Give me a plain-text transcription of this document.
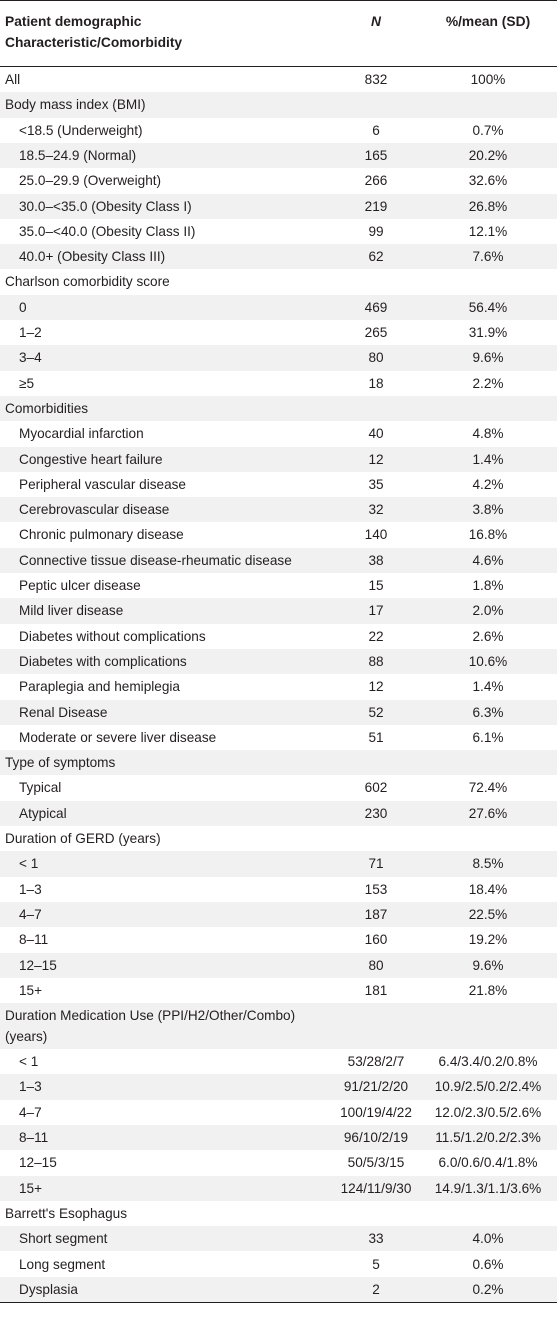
Patient demographic
Characteristic/Comorbidity
N	%/mean (SD)
All	832	100%
Body mass index (BMI)
<18.5 (Underweight)	6	0.7%
18.5–24.9 (Normal)	165	20.2%
25.0–29.9 (Overweight)	266	32.6%
30.0–<35.0 (Obesity Class I)	219	26.8%
35.0–<40.0 (Obesity Class II)	99	12.1%
40.0+ (Obesity Class III)	62	7.6%
Charlson comorbidity score
0	469	56.4%
1–2	265	31.9%
3–4	80	9.6%
≥5	18	2.2%
Comorbidities
Myocardial infarction	40	4.8%
Congestive heart failure	12	1.4%
Peripheral vascular disease	35	4.2%
Cerebrovascular disease	32	3.8%
Chronic pulmonary disease	140	16.8%
Connective tissue disease-rheumatic disease	38	4.6%
Peptic ulcer disease	15	1.8%
Mild liver disease	17	2.0%
Diabetes without complications	22	2.6%
Diabetes with complications	88	10.6%
Paraplegia and hemiplegia	12	1.4%
Renal Disease	52	6.3%
Moderate or severe liver disease	51	6.1%
Type of symptoms
Typical	602	72.4%
Atypical	230	27.6%
Duration of GERD (years)
< 1	71	8.5%
1–3	153	18.4%
4–7	187	22.5%
8–11	160	19.2%
12–15	80	9.6%
15+	181	21.8%
Duration Medication Use (PPI/H2/Other/Combo) (years)
< 1	53/28/2/7	6.4/3.4/0.2/0.8%
1–3	91/21/2/20	10.9/2.5/0.2/2.4%
4–7	100/19/4/22	12.0/2.3/0.5/2.6%
8–11	96/10/2/19	11.5/1.2/0.2/2.3%
12–15	50/5/3/15	6.0/0.6/0.4/1.8%
15+	124/11/9/30	14.9/1.3/1.1/3.6%
Barrett's Esophagus
Short segment	33	4.0%
Long segment	5	0.6%
Dysplasia	2	0.2%
